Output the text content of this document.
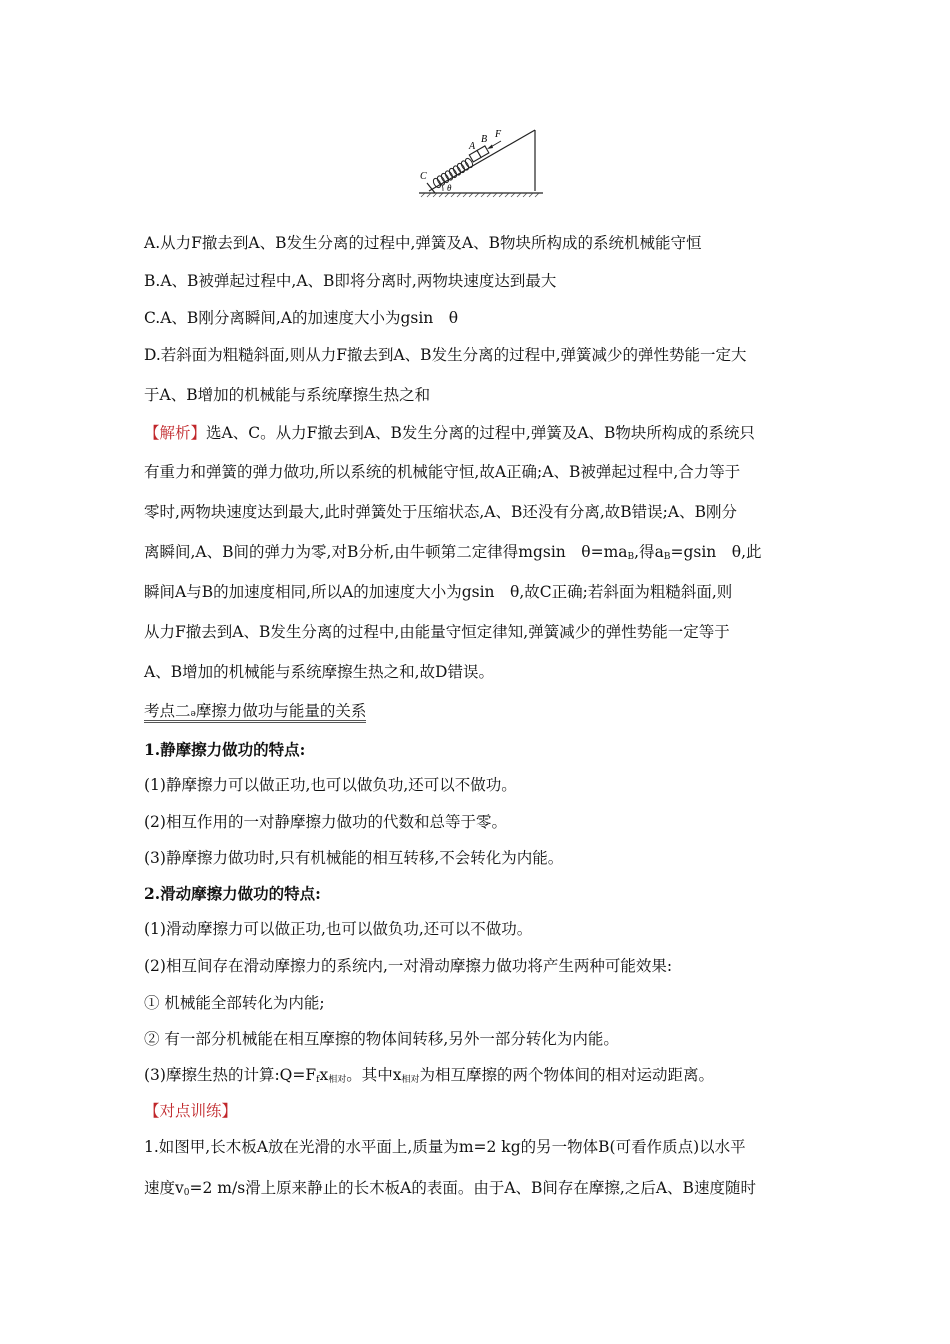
A
B F
C
θ
A.从力F撤去到A、B发生分离的过程中,弹簧及A、B物块所构成的系统机械能守恒
B.A、B被弹起过程中,A、B即将分离时,两物块速度达到最大
C.A、B刚分离瞬间,A的加速度大小为gsin　θ
D.若斜面为粗糙斜面,则从力F撤去到A、B发生分离的过程中,弹簧减少的弹性势能一定大
于A、B增加的机械能与系统摩擦生热之和
【解析】选A、C。从力F撤去到A、B发生分离的过程中,弹簧及A、B物块所构成的系统只
有重力和弹簧的弹力做功,所以系统的机械能守恒,故A正确;A、B被弹起过程中,合力等于
零时,两物块速度达到最大,此时弹簧处于压缩状态,A、B还没有分离,故B错误;A、B刚分
离瞬间,A、B间的弹力为零,对B分析,由牛顿第二定律得mgsin　$\theta=ma_B$,得$a_B=gsin$　θ,此
瞬间A与B的加速度相同,所以A的加速度大小为gsin　θ,故C正确;若斜面为粗糙斜面,则
从力F撤去到A、B发生分离的过程中,由能量守恒定律知,弹簧减少的弹性势能一定等于
A、B增加的机械能与系统摩擦生热之和,故D错误。
考点二ə摩擦力做功与能量的关系
1.静摩擦力做功的特点:
(1)静摩擦力可以做正功,也可以做负功,还可以不做功。
(2)相互作用的一对静摩擦力做功的代数和总等于零。
(3)静摩擦力做功时,只有机械能的相互转移,不会转化为内能。
2.滑动摩擦力做功的特点:
(1)滑动摩擦力可以做正功,也可以做负功,还可以不做功。
(2)相互间存在滑动摩擦力的系统内,一对滑动摩擦力做功将产生两种可能效果:
① 机械能全部转化为内能;
② 有一部分机械能在相互摩擦的物体间转移,另外一部分转化为内能。
(3)摩擦生热的计算$:Q=F_fx_{相对}$。其中$x_{相对}$为相互摩擦的两个物体间的相对运动距离。
【对点训练】
1.如图甲,长木板A放在光滑的水平面上,质量为m=2 kg的另一物体B(可看作质点)以水平
速度$v_0=2$ m/s滑上原来静止的长木板A的表面。由于A、B间存在摩擦,之后A、B速度随时
